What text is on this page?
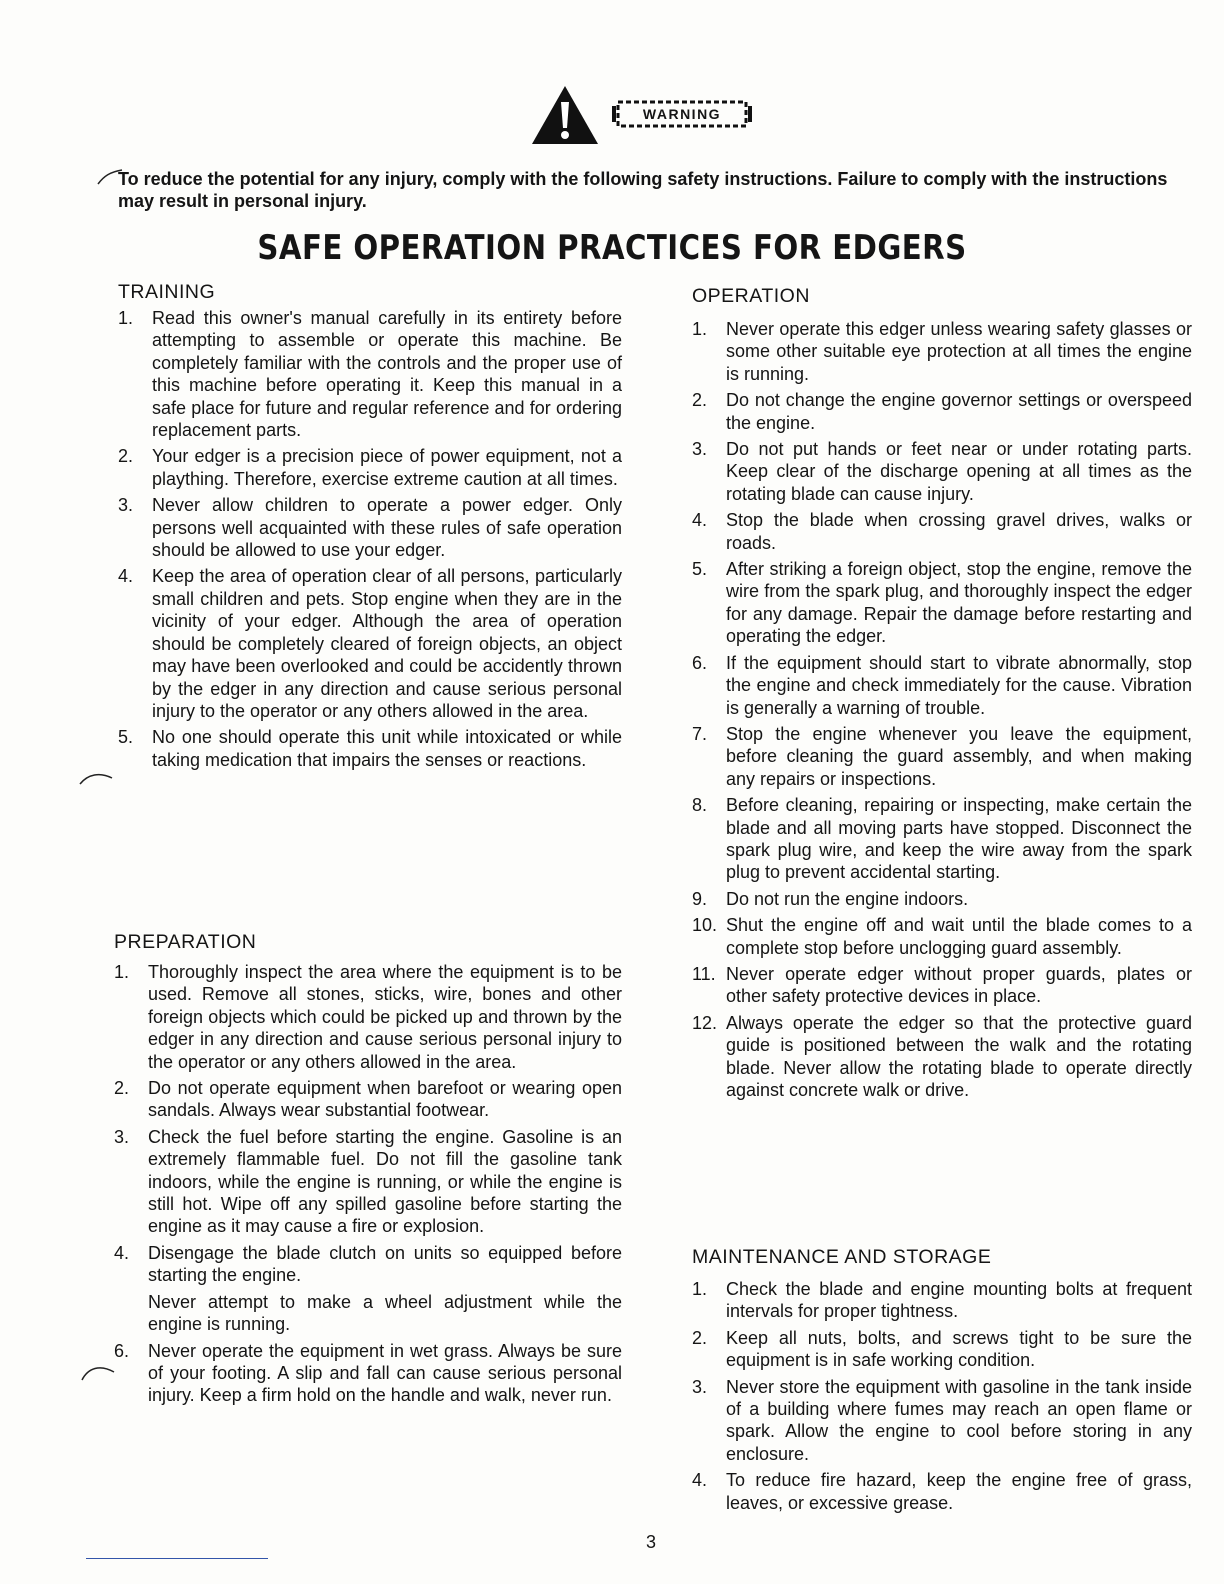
WARNING
To reduce the potential for any injury, comply with the following safety instructions. Failure to comply with the instructions may result in personal injury.
SAFE OPERATION PRACTICES FOR EDGERS
TRAINING
1. Read this owner's manual carefully in its entirety before attempting to assemble or operate this machine. Be completely familiar with the controls and the proper use of this machine before operating it. Keep this manual in a safe place for future and regular reference and for ordering replacement parts.
2. Your edger is a precision piece of power equipment, not a plaything. Therefore, exercise extreme caution at all times.
3. Never allow children to operate a power edger. Only persons well acquainted with these rules of safe operation should be allowed to use your edger.
4. Keep the area of operation clear of all persons, particularly small children and pets. Stop engine when they are in the vicinity of your edger. Although the area of operation should be completely cleared of foreign objects, an object may have been overlooked and could be accidently thrown by the edger in any direction and cause serious personal injury to the operator or any others allowed in the area.
5. No one should operate this unit while intoxicated or while taking medication that impairs the senses or reactions.
PREPARATION
1. Thoroughly inspect the area where the equipment is to be used. Remove all stones, sticks, wire, bones and other foreign objects which could be picked up and thrown by the edger in any direction and cause serious personal injury to the operator or any others allowed in the area.
2. Do not operate equipment when barefoot or wearing open sandals. Always wear substantial footwear.
3. Check the fuel before starting the engine. Gasoline is an extremely flammable fuel. Do not fill the gasoline tank indoors, while the engine is running, or while the engine is still hot. Wipe off any spilled gasoline before starting the engine as it may cause a fire or explosion.
4. Disengage the blade clutch on units so equipped before starting the engine.
Never attempt to make a wheel adjustment while the engine is running.
6. Never operate the equipment in wet grass. Always be sure of your footing. A slip and fall can cause serious personal injury. Keep a firm hold on the handle and walk, never run.
OPERATION
1. Never operate this edger unless wearing safety glasses or some other suitable eye protection at all times the engine is running.
2. Do not change the engine governor settings or overspeed the engine.
3. Do not put hands or feet near or under rotating parts. Keep clear of the discharge opening at all times as the rotating blade can cause injury.
4. Stop the blade when crossing gravel drives, walks or roads.
5. After striking a foreign object, stop the engine, remove the wire from the spark plug, and thoroughly inspect the edger for any damage. Repair the damage before restarting and operating the edger.
6. If the equipment should start to vibrate abnormally, stop the engine and check immediately for the cause. Vibration is generally a warning of trouble.
7. Stop the engine whenever you leave the equipment, before cleaning the guard assembly, and when making any repairs or inspections.
8. Before cleaning, repairing or inspecting, make certain the blade and all moving parts have stopped. Disconnect the spark plug wire, and keep the wire away from the spark plug to prevent accidental starting.
9. Do not run the engine indoors.
10. Shut the engine off and wait until the blade comes to a complete stop before unclogging guard assembly.
11. Never operate edger without proper guards, plates or other safety protective devices in place.
12. Always operate the edger so that the protective guard guide is positioned between the walk and the rotating blade. Never allow the rotating blade to operate directly against concrete walk or drive.
MAINTENANCE AND STORAGE
1. Check the blade and engine mounting bolts at frequent intervals for proper tightness.
2. Keep all nuts, bolts, and screws tight to be sure the equipment is in safe working condition.
3. Never store the equipment with gasoline in the tank inside of a building where fumes may reach an open flame or spark. Allow the engine to cool before storing in any enclosure.
4. To reduce fire hazard, keep the engine free of grass, leaves, or excessive grease.
3
